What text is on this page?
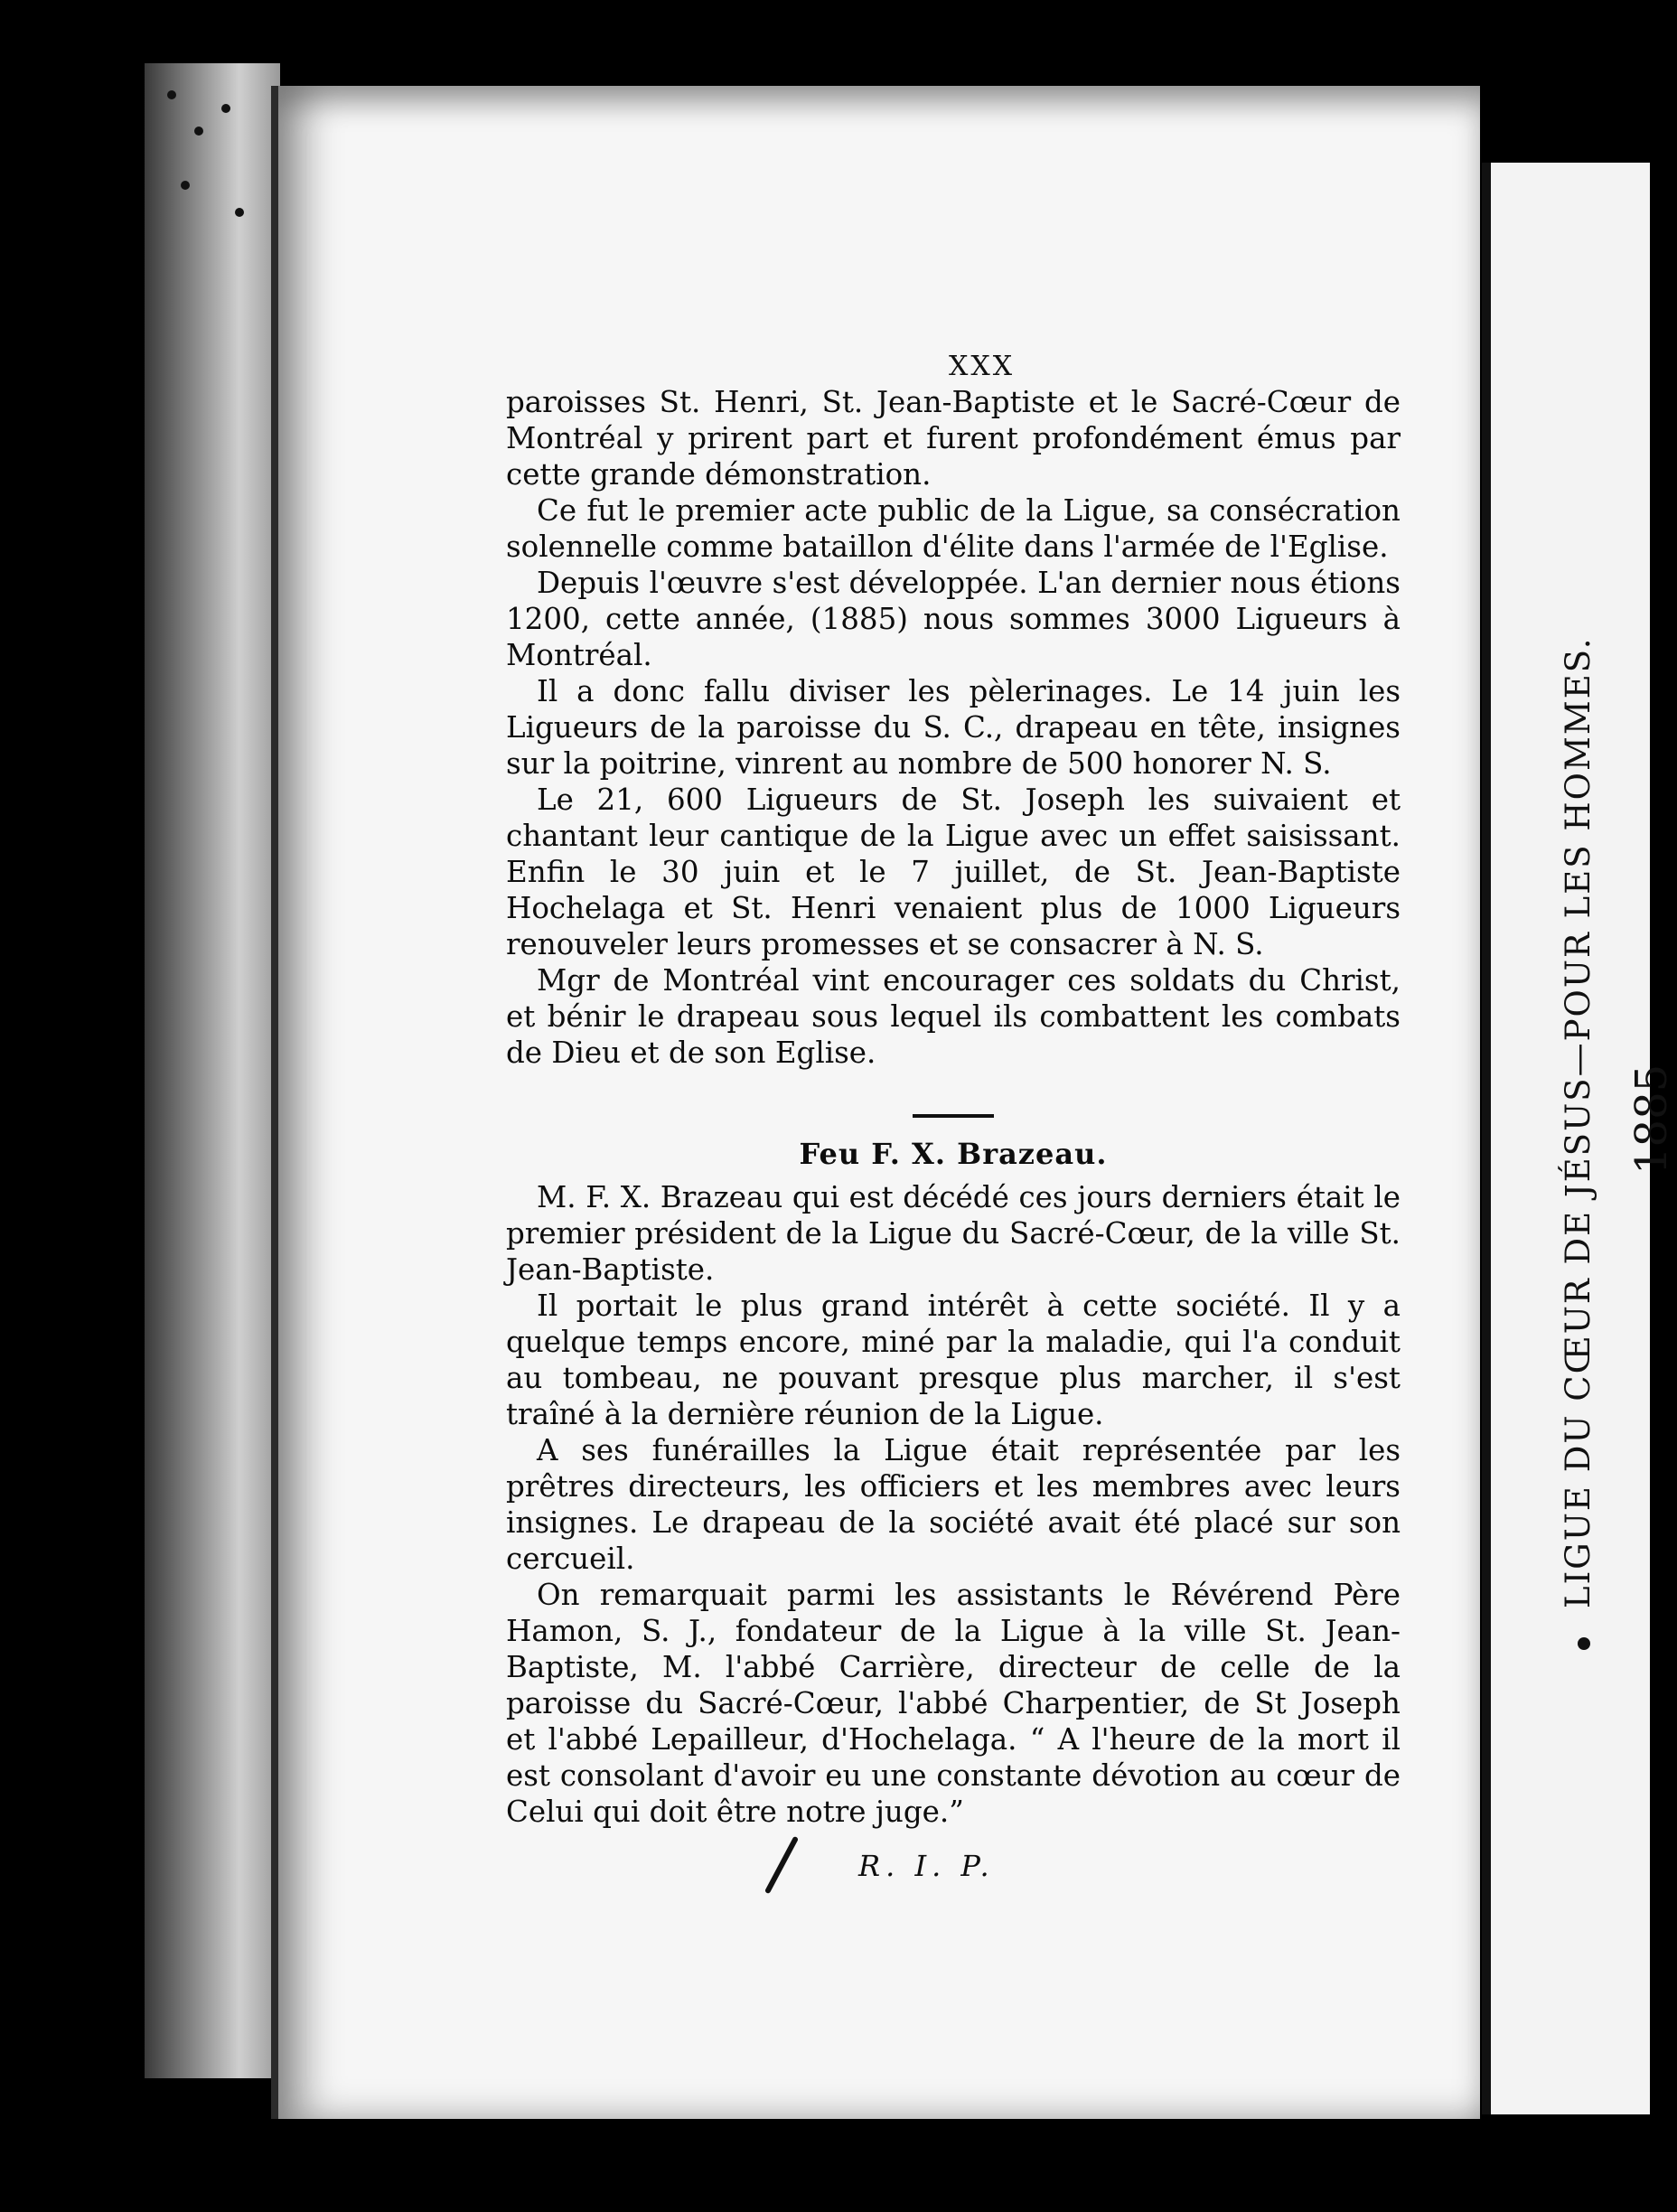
LIGUE DU CŒUR DE JÉSUS—POUR LES HOMMES. 1885
XXX

paroisses St. Henri, St. Jean-Baptiste et le Sacré-Cœur de Montréal y prirent part et furent profondément émus par cette grande démonstration.

Ce fut le premier acte public de la Ligue, sa consécration solennelle comme bataillon d'élite dans l'armée de l'Eglise.

Depuis l'œuvre s'est développée. L'an dernier nous étions 1200, cette année, (1885) nous sommes 3000 Ligueurs à Montréal.

Il a donc fallu diviser les pèlerinages. Le 14 juin les Ligueurs de la paroisse du S. C., drapeau en tête, insignes sur la poitrine, vinrent au nombre de 500 honorer N. S.

Le 21, 600 Ligueurs de St. Joseph les suivaient et chantant leur cantique de la Ligue avec un effet saisissant. Enfin le 30 juin et le 7 juillet, de St. Jean-Baptiste Hochelaga et St. Henri venaient plus de 1000 Ligueurs renouveler leurs promesses et se consacrer à N. S.

Mgr de Montréal vint encourager ces soldats du Christ, et bénir le drapeau sous lequel ils combattent les combats de Dieu et de son Eglise.

Feu F. X. Brazeau.

M. F. X. Brazeau qui est décédé ces jours derniers était le premier président de la Ligue du Sacré-Cœur, de la ville St. Jean-Baptiste.

Il portait le plus grand intérêt à cette société. Il y a quelque temps encore, miné par la maladie, qui l'a conduit au tombeau, ne pouvant presque plus marcher, il s'est traîné à la dernière réunion de la Ligue.

A ses funérailles la Ligue était représentée par les prêtres directeurs, les officiers et les membres avec leurs insignes. Le drapeau de la société avait été placé sur son cercueil.

On remarquait parmi les assistants le Révérend Père Hamon, S. J., fondateur de la Ligue à la ville St. Jean-Baptiste, M. l'abbé Carrière, directeur de celle de la paroisse du Sacré-Cœur, l'abbé Charpentier, de St Joseph et l'abbé Lepailleur, d'Hochelaga. “ A l'heure de la mort il est consolant d'avoir eu une constante dévotion au cœur de Celui qui doit être notre juge.”

R. I. P.
